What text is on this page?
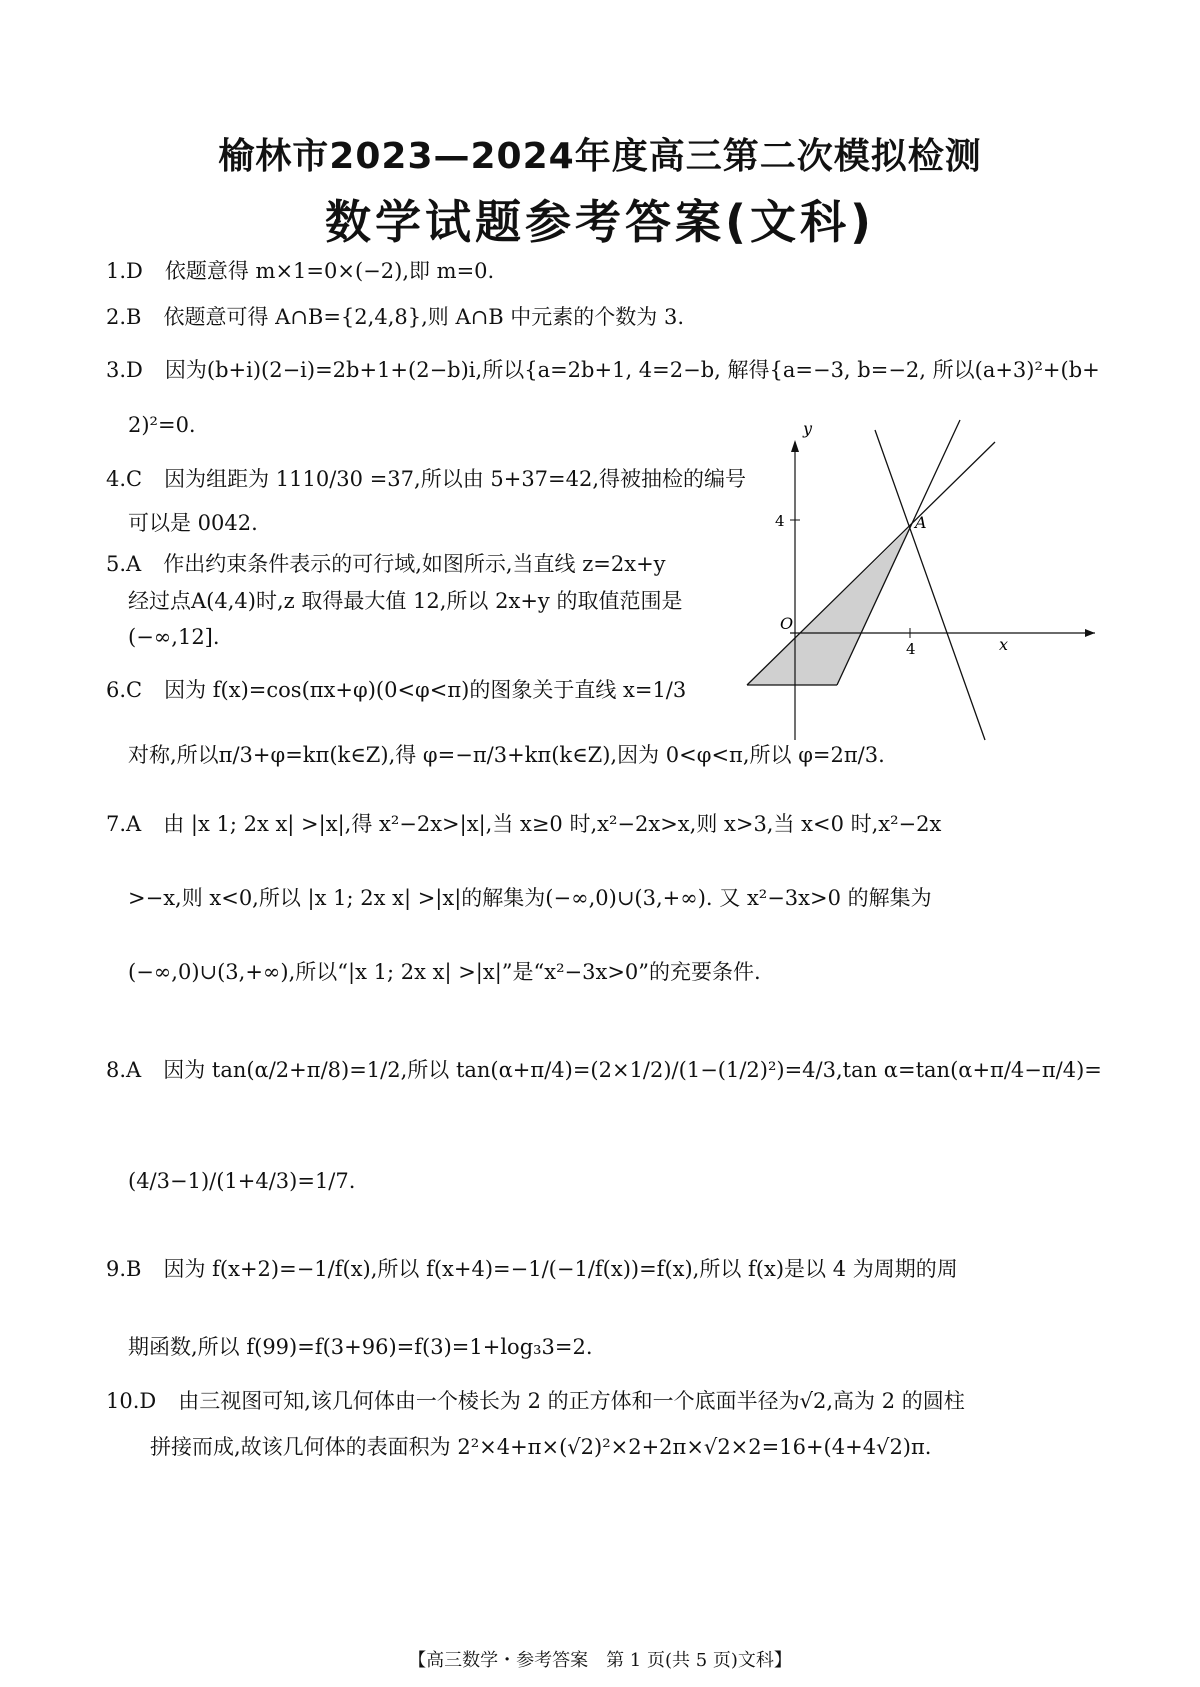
榆林市2023—2024年度高三第二次模拟检测
数学试题参考答案(文科)
1.D 依题意得 m×1=0×(−2),即 m=0.
2.B 依题意可得 A∩B={2,4,8},则 A∩B 中元素的个数为 3.
3.D 因为(b+i)(2−i)=2b+1+(2−b)i,所以{a=2b+1, 4=2−b, 解得{a=−3, b=−2, 所以(a+3)²+(b+
2)²=0.
4.C 因为组距为 1110/30 =37,所以由 5+37=42,得被抽检的编号
可以是 0042.
5.A 作出约束条件表示的可行域,如图所示,当直线 z=2x+y
经过点A(4,4)时,z 取得最大值 12,所以 2x+y 的取值范围是
(−∞,12].
6.C 因为 f(x)=cos(πx+φ)(0<φ<π)的图象关于直线 x=1/3
对称,所以π/3+φ=kπ(k∈Z),得 φ=−π/3+kπ(k∈Z),因为 0<φ<π,所以 φ=2π/3.
7.A 由 |x 1; 2x x| >|x|,得 x²−2x>|x|,当 x≥0 时,x²−2x>x,则 x>3,当 x<0 时,x²−2x
>−x,则 x<0,所以 |x 1; 2x x| >|x|的解集为(−∞,0)∪(3,+∞). 又 x²−3x>0 的解集为
(−∞,0)∪(3,+∞),所以“|x 1; 2x x| >|x|”是“x²−3x>0”的充要条件.
8.A 因为 tan(α/2+π/8)=1/2,所以 tan(α+π/4)=(2×1/2)/(1−(1/2)²)=4/3,tan α=tan(α+π/4−π/4)=
(4/3−1)/(1+4/3)=1/7.
9.B 因为 f(x+2)=−1/f(x),所以 f(x+4)=−1/(−1/f(x))=f(x),所以 f(x)是以 4 为周期的周
期函数,所以 f(99)=f(3+96)=f(3)=1+log₃3=2.
10.D 由三视图可知,该几何体由一个棱长为 2 的正方体和一个底面半径为√2,高为 2 的圆柱
拼接而成,故该几何体的表面积为 2²×4+π×(√2)²×2+2π×√2×2=16+(4+4√2)π.
y
x
O
A
4
4
【高三数学・参考答案　第 1 页(共 5 页)文科】
